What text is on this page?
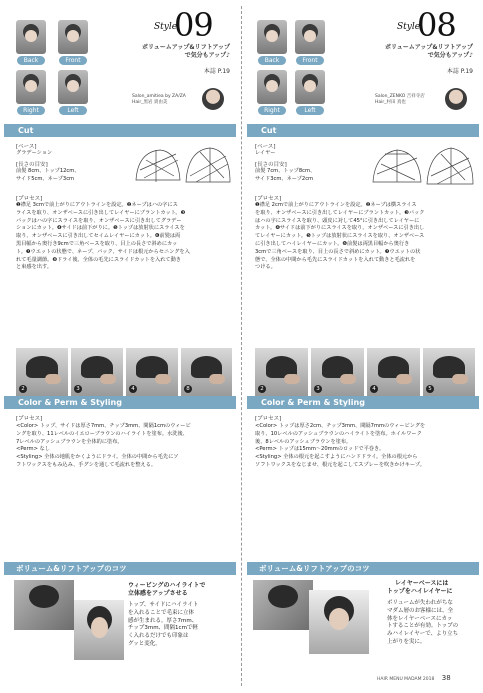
Back	Front
Right	Left
Style
09
ボリュームアップ&リフトアップ
で気分もアップ♪
本誌 P.19
Salon_amitiea by ZA/ZA
Hair_黒岩 貴由美
Cut
[ベース]
グラデーション
[長さの目安]
前髪 8cm、トップ12cm、
サイド5cm、ネープ3cm
[プロセス]
❶襟足 3cmで前上がりにアウトラインを設定。❷ネープはハの字にス
ライスを取り、オンザベースに引き出してレイヤーにブラントカット。❸
バックはハの字にスライスを取り、オンザベースに引き出してグラデー
ションにカット。❹サイドは前下がりに。❺トップは放射状にスライスを
取り、オンザベースに引き出してセイムレイヤーにカット。❻前髪は両
黒目幅から奥行き9cmで三角ベースを取り、目上の長さで斜めにカッ
ト。❼ウエットの状態で、ネープ、バック、サイドは根元からセニングを入
れて毛量調節。❽ドライ後、全体の毛先にスライドカットを入れて動き
と束感を出す。
2	3	4	8
Color & Perm & Styling
[プロセス]
<Color> トップ、サイドは厚さ7mm、チップ3mm、間隔1cmのウィービ
ングを取り、11レベルのイエローブラウンのハイライトを塗布。水洗後、
7レベルのアッシュブラウンを全体的に塗布。
<Perm> なし
<Styling> 全体の地肌をかくようにドライ。全体の中間から毛先にソ
フトワックスをもみ込み、手グシを通して毛流れを整える。
ボリューム&リフトアップのコツ
ウィービングのハイライトで
立体感をアップさせる
トップ、サイドにハイライト
を入れることで毛束に立体
感が生まれる。厚さ7mm、
チップ3mm、間隔1cmで軽
く入れるだけでも印象は
グッと変化。
Back	Front
Right	Left
Style
08
ボリュームアップ&リフトアップ
で気分もアップ♪
本誌 P.19
Salon_ZENKO 吉祥寺店
Hair_村田 真也
Cut
[ベース]
レイヤー
[長さの目安]
前髪 7cm、トップ8cm、
サイド3cm、ネープ2cm
[プロセス]
❶襟足 2cmで前上がりにアウトラインを設定。❷ネープは横スライス
を取り、オンザベースに引き出してレイヤーにブラントカット。❸バック
はハの字にスライスを取り、頭皮に対して45°に引き出してレイヤーに
カット。❹サイドは前下がりにスライスを取り、オンザベースに引き出し
てレイヤーにカット。❺トップは放射状にスライスを取り、オンザベース
に引き出してハイレイヤーにカット。❻前髪は両黒目幅から奥行き
3cmで三角ベースを取り、目上の長さで斜めにカット。❼ウエットの状
態で、全体の中間から毛先にスライドカットを入れて動きと毛流れを
つける。
2	3	4	5
Color & Perm & Styling
[プロセス]
<Color> トップは厚さ2cm、チップ3mm、間隔7mmのウィービングを
取り、10レベルのアッシュブラウンのハイライトを塗布。ホイルワーク
後、8レベルのアッシュブラウンを塗布。
<Perm> トップは15mm〜20mmのロッドで平巻き。
<Styling> 全体の根元を起こすようにハンドドライ。全体の根元から
ソフトワックスをなじませ、根元を起こしてスプレーを吹きかけキープ。
ボリューム&リフトアップのコツ
レイヤーベースには
トップをハイレイヤーに
ボリュームが失われがちな
マダム層のお客様には、全
体をレイヤーベースにカッ
トすることが有効。トップの
みハイレイヤーで、より立ち
上がりを実に。
HAIR MENU MADAM 2018 38
